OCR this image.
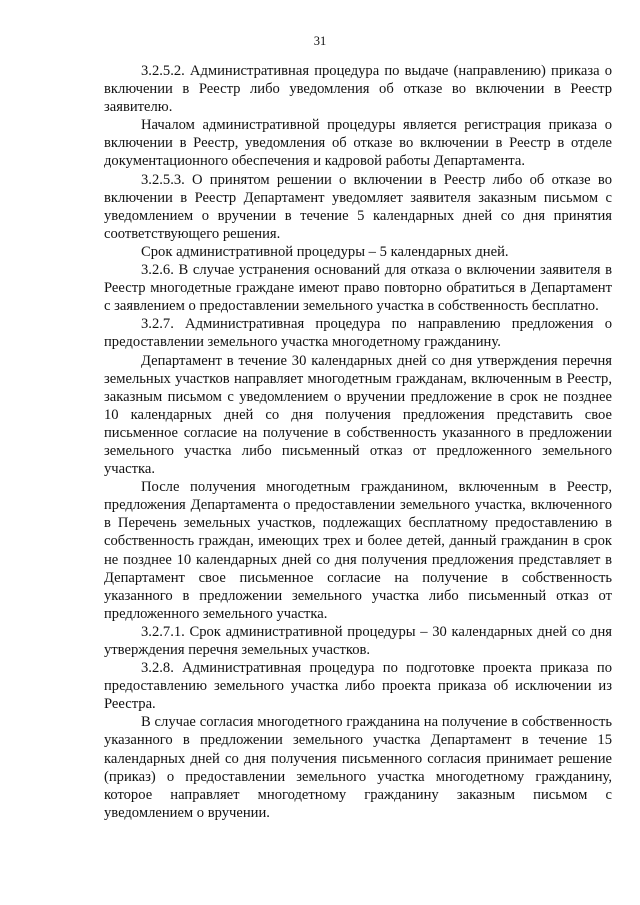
31

3.2.5.2. Административная процедура по выдаче (направлению) приказа о включении в Реестр либо уведомления об отказе во включении в Реестр заявителю.

Началом административной процедуры является регистрация приказа о включении в Реестр, уведомления об отказе во включении в Реестр в отделе документационного обеспечения и кадровой работы Департамента.

3.2.5.3. О принятом решении о включении в Реестр либо об отказе во включении в Реестр Департамент уведомляет заявителя заказным письмом с уведомлением о вручении в течение 5 календарных дней со дня принятия соответствующего решения.

Срок административной процедуры – 5 календарных дней.

3.2.6. В случае устранения оснований для отказа о включении заявителя в Реестр многодетные граждане имеют право повторно обратиться в Департамент с заявлением о предоставлении земельного участка в собственность бесплатно.

3.2.7. Административная процедура по направлению предложения о предоставлении земельного участка многодетному гражданину.

Департамент в течение 30 календарных дней со дня утверждения перечня земельных участков направляет многодетным гражданам, включенным в Реестр, заказным письмом с уведомлением о вручении предложение в срок не позднее 10 календарных дней со дня получения предложения представить свое письменное согласие на получение в собственность указанного в предложении земельного участка либо письменный отказ от предложенного земельного участка.

После получения многодетным гражданином, включенным в Реестр, предложения Департамента о предоставлении земельного участка, включенного в Перечень земельных участков, подлежащих бесплатному предоставлению в собственность граждан, имеющих трех и более детей, данный гражданин в срок не позднее 10 календарных дней со дня получения предложения представляет в Департамент свое письменное согласие на получение в собственность указанного в предложении земельного участка либо письменный отказ от предложенного земельного участка.

3.2.7.1. Срок административной процедуры – 30 календарных дней со дня утверждения перечня земельных участков.

3.2.8. Административная процедура по подготовке проекта приказа по предоставлению земельного участка либо проекта приказа об исключении из Реестра.

В случае согласия многодетного гражданина на получение в собственность указанного в предложении земельного участка Департамент в течение 15 календарных дней со дня получения письменного согласия принимает решение (приказ) о предоставлении земельного участка многодетному гражданину, которое направляет многодетному гражданину заказным письмом с уведомлением о вручении.
